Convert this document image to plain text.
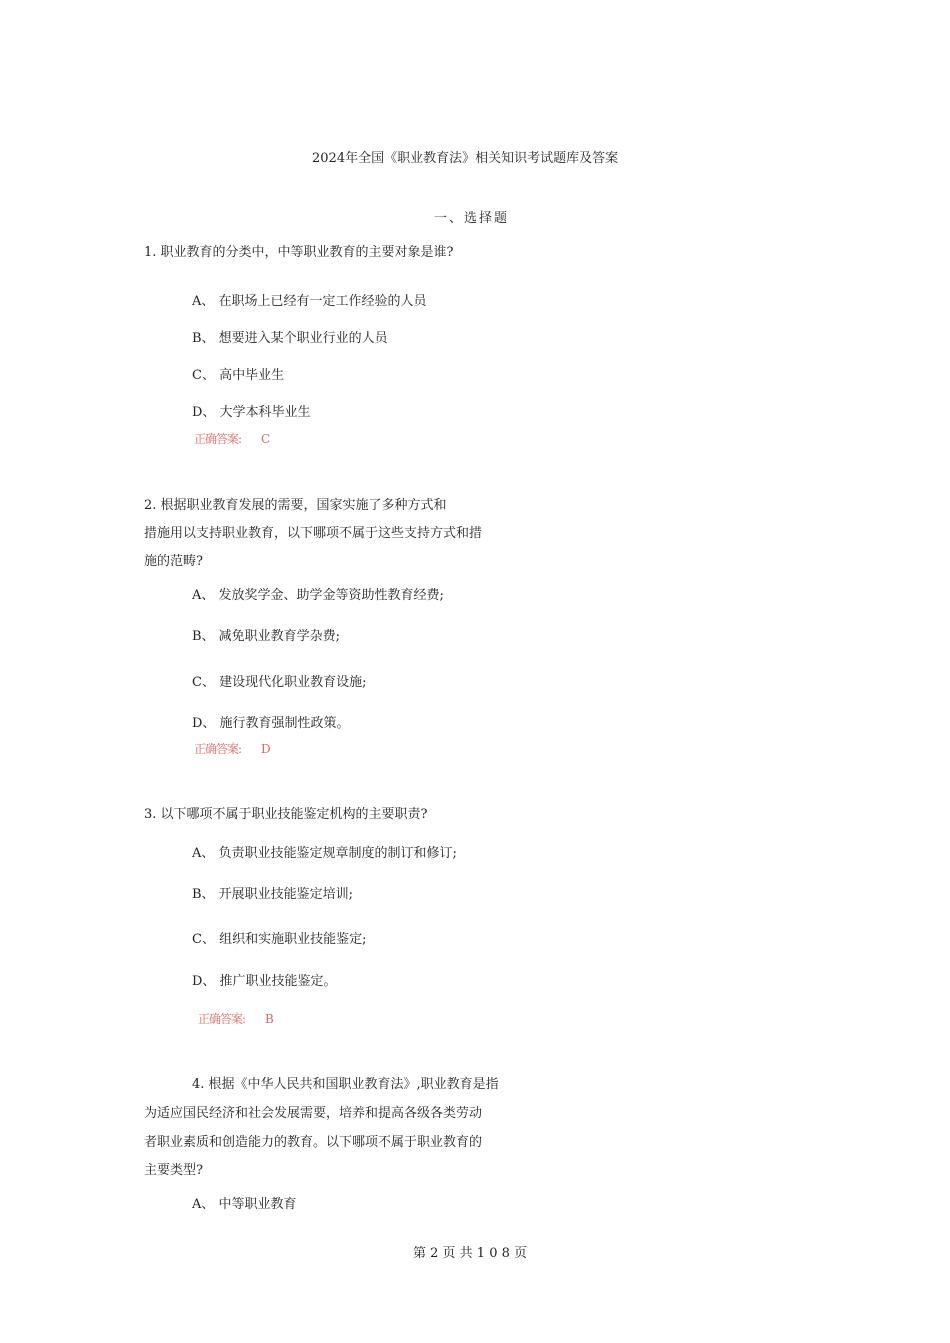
2024年全国《职业教育法》相关知识考试题库及答案
一、选择题
1. 职业教育的分类中，中等职业教育的主要对象是谁?
A、 在职场上已经有一定工作经验的人员
B、 想要进入某个职业行业的人员
C、 高中毕业生
D、 大学本科毕业生
正确答案: C
2. 根据职业教育发展的需要，国家实施了多种方式和
措施用以支持职业教育，以下哪项不属于这些支持方式和措
施的范畴?
A、 发放奖学金、助学金等资助性教育经费;
B、 减免职业教育学杂费;
C、 建设现代化职业教育设施;
D、 施行教育强制性政策。
正确答案: D
3. 以下哪项不属于职业技能鉴定机构的主要职责?
A、 负责职业技能鉴定规章制度的制订和修订;
B、 开展职业技能鉴定培训;
C、 组织和实施职业技能鉴定;
D、 推广职业技能鉴定。
正确答案: B
4. 根据《中华人民共和国职业教育法》,职业教育是指
为适应国民经济和社会发展需要，培养和提高各级各类劳动
者职业素质和创造能力的教育。以下哪项不属于职业教育的
主要类型?
A、 中等职业教育
第 2 页 共 1 0 8 页
